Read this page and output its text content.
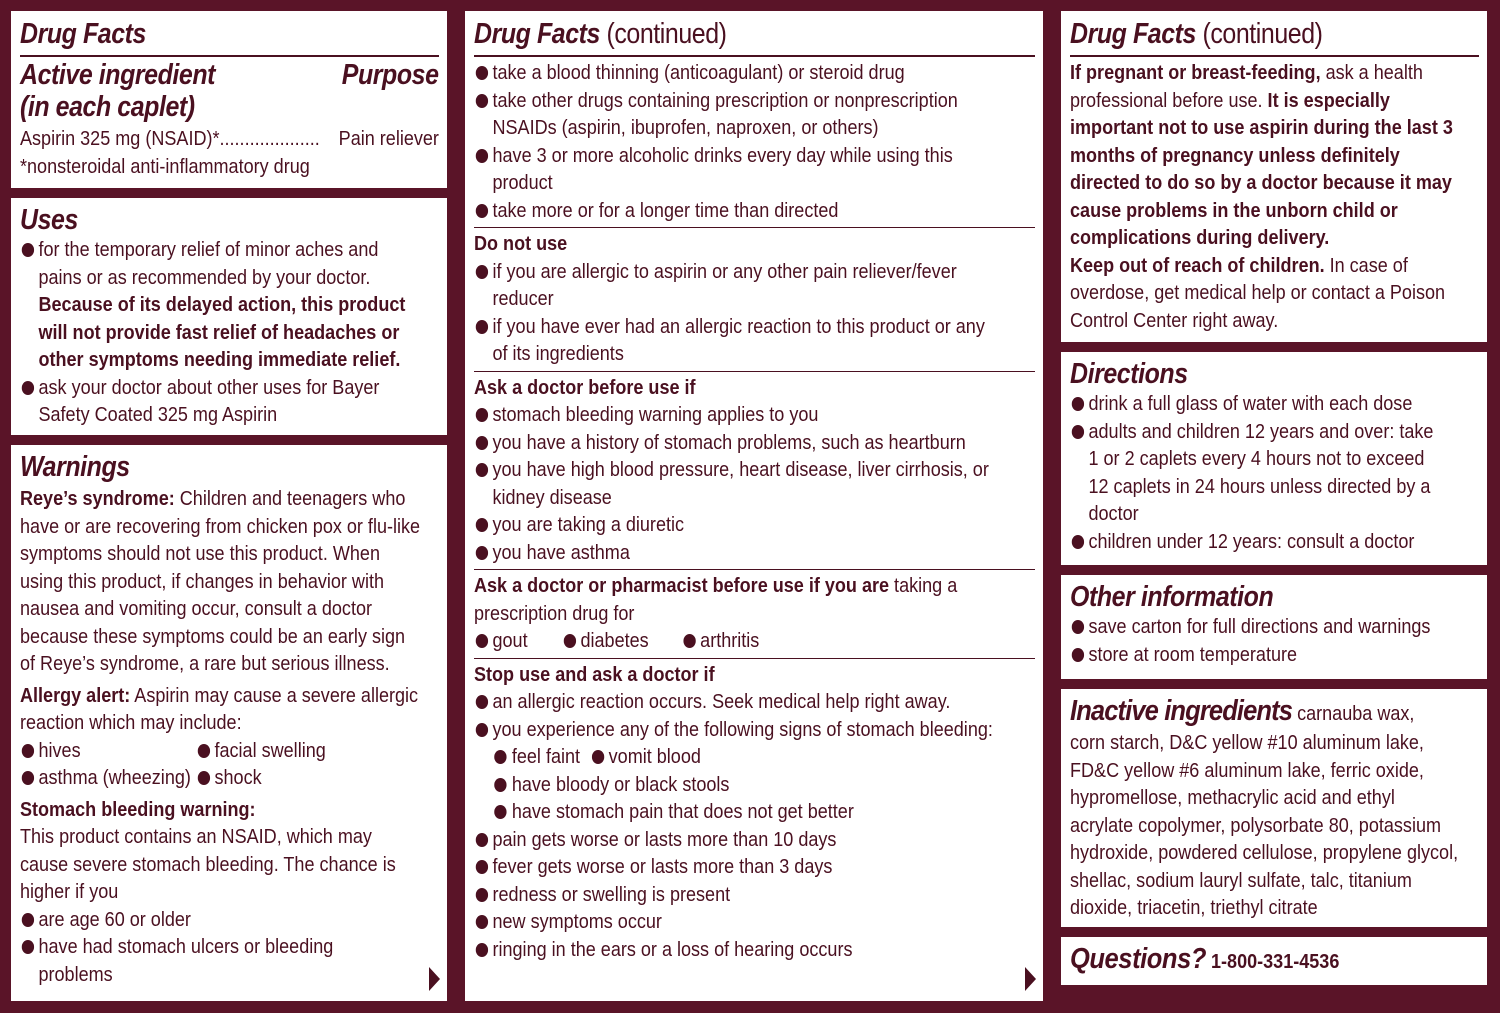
Drug Facts
Active ingredient
(in each caplet)
Purpose
Aspirin 325 mg (NSAID)*.................... Pain reliever
*nonsteroidal anti-inflammatory drug
Uses
for the temporary relief of minor aches and
pains or as recommended by your doctor.
Because of its delayed action, this product
will not provide fast relief of headaches or
other symptoms needing immediate relief.
ask your doctor about other uses for Bayer
Safety Coated 325 mg Aspirin
Warnings
Reye’s syndrome: Children and teenagers who
have or are recovering from chicken pox or flu-like
symptoms should not use this product. When
using this product, if changes in behavior with
nausea and vomiting occur, consult a doctor
because these symptoms could be an early sign
of Reye’s syndrome, a rare but serious illness.
Allergy alert: Aspirin may cause a severe allergic
reaction which may include:
hives	facial swelling
asthma (wheezing)	shock
Stomach bleeding warning:
This product contains an NSAID, which may
cause severe stomach bleeding. The chance is
higher if you
are age 60 or older
have had stomach ulcers or bleeding
problems
Drug Facts (continued)
take a blood thinning (anticoagulant) or steroid drug
take other drugs containing prescription or nonprescription
NSAIDs (aspirin, ibuprofen, naproxen, or others)
have 3 or more alcoholic drinks every day while using this
product
take more or for a longer time than directed
Do not use
if you are allergic to aspirin or any other pain reliever/fever
reducer
if you have ever had an allergic reaction to this product or any
of its ingredients
Ask a doctor before use if
stomach bleeding warning applies to you
you have a history of stomach problems, such as heartburn
you have high blood pressure, heart disease, liver cirrhosis, or
kidney disease
you are taking a diuretic
you have asthma
Ask a doctor or pharmacist before use if you are taking a
prescription drug for
gout	diabetes	arthritis
Stop use and ask a doctor if
an allergic reaction occurs. Seek medical help right away.
you experience any of the following signs of stomach bleeding:
feel faint	vomit blood
have bloody or black stools
have stomach pain that does not get better
pain gets worse or lasts more than 10 days
fever gets worse or lasts more than 3 days
redness or swelling is present
new symptoms occur
ringing in the ears or a loss of hearing occurs
Drug Facts (continued)
If pregnant or breast-feeding, ask a health
professional before use. It is especially
important not to use aspirin during the last 3
months of pregnancy unless definitely
directed to do so by a doctor because it may
cause problems in the unborn child or
complications during delivery.
Keep out of reach of children. In case of
overdose, get medical help or contact a Poison
Control Center right away.
Directions
drink a full glass of water with each dose
adults and children 12 years and over: take
1 or 2 caplets every 4 hours not to exceed
12 caplets in 24 hours unless directed by a
doctor
children under 12 years: consult a doctor
Other information
save carton for full directions and warnings
store at room temperature
Inactive ingredients carnauba wax,
corn starch, D&C yellow #10 aluminum lake,
FD&C yellow #6 aluminum lake, ferric oxide,
hypromellose, methacrylic acid and ethyl
acrylate copolymer, polysorbate 80, potassium
hydroxide, powdered cellulose, propylene glycol,
shellac, sodium lauryl sulfate, talc, titanium
dioxide, triacetin, triethyl citrate
Questions? 1-800-331-4536
